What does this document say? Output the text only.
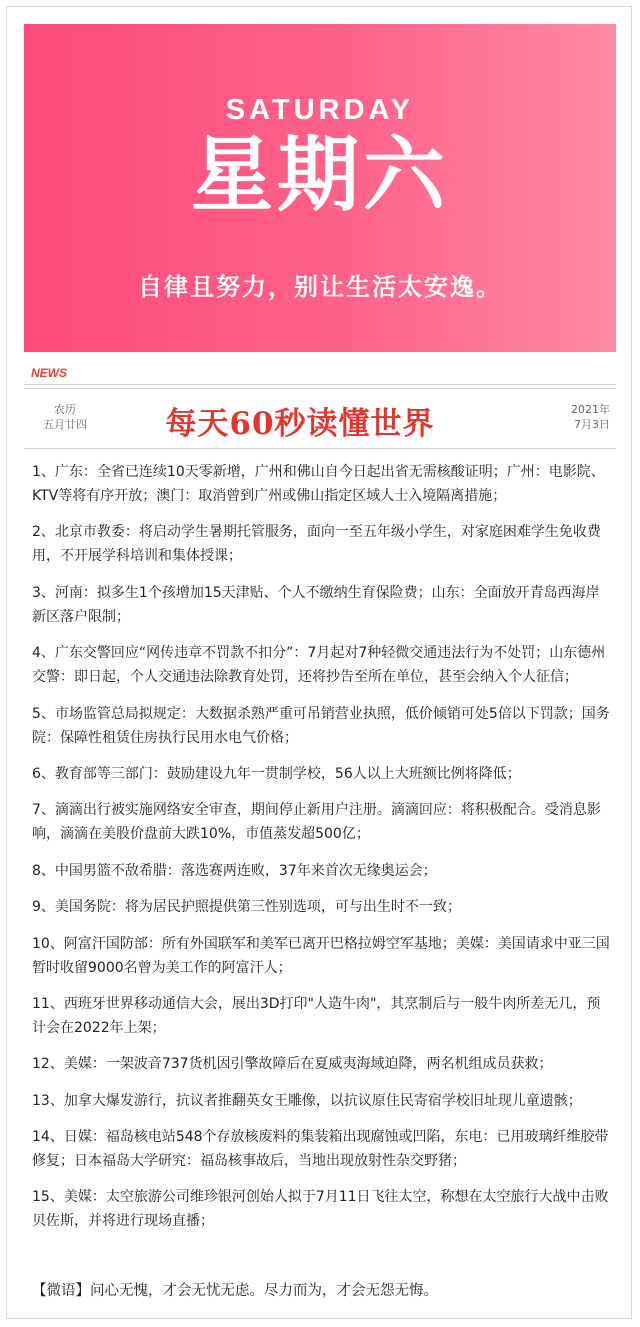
SATURDAY
星期六
自律且努力，别让生活太安逸。
NEWS
农历
五月廿四	每天60秒读懂世界	2021年
7月3日

1、广东：全省已连续10天零新增，广州和佛山自今日起出省无需核酸证明；广州：电影院、KTV等将有序开放；澳门：取消曾到广州或佛山指定区域人士入境隔离措施；

2、北京市教委：将启动学生暑期托管服务，面向一至五年级小学生，对家庭困难学生免收费用，不开展学科培训和集体授课；

3、河南：拟多生1个孩增加15天津贴、个人不缴纳生育保险费；山东：全面放开青岛西海岸新区落户限制；

4、广东交警回应“网传违章不罚款不扣分”：7月起对7种轻微交通违法行为不处罚；山东德州交警：即日起，个人交通违法除教育处罚，还将抄告至所在单位，甚至会纳入个人征信；

5、市场监管总局拟规定：大数据杀熟严重可吊销营业执照，低价倾销可处5倍以下罚款；国务院：保障性租赁住房执行民用水电气价格；

6、教育部等三部门：鼓励建设九年一贯制学校，56人以上大班额比例将降低；

7、滴滴出行被实施网络安全审查，期间停止新用户注册。滴滴回应：将积极配合。受消息影响，滴滴在美股价盘前大跌10%，市值蒸发超500亿；

8、中国男篮不敌希腊：落选赛两连败，37年来首次无缘奥运会；

9、美国务院：将为居民护照提供第三性别选项，可与出生时不一致；

10、阿富汗国防部：所有外国联军和美军已离开巴格拉姆空军基地；美媒：美国请求中亚三国暂时收留9000名曾为美工作的阿富汗人；

11、西班牙世界移动通信大会，展出3D打印"人造牛肉"，其烹制后与一般牛肉所差无几，预计会在2022年上架；

12、美媒：一架波音737货机因引擎故障后在夏威夷海域迫降，两名机组成员获救；

13、加拿大爆发游行，抗议者推翻英女王雕像，以抗议原住民寄宿学校旧址现儿童遗骸；

14、日媒：福岛核电站548个存放核废料的集装箱出现腐蚀或凹陷，东电：已用玻璃纤维胶带修复；日本福岛大学研究：福岛核事故后，当地出现放射性杂交野猪；

15、美媒：太空旅游公司维珍银河创始人拟于7月11日飞往太空，称想在太空旅行大战中击败贝佐斯，并将进行现场直播；

【微语】问心无愧，才会无忧无虑。尽力而为，才会无怨无悔。
